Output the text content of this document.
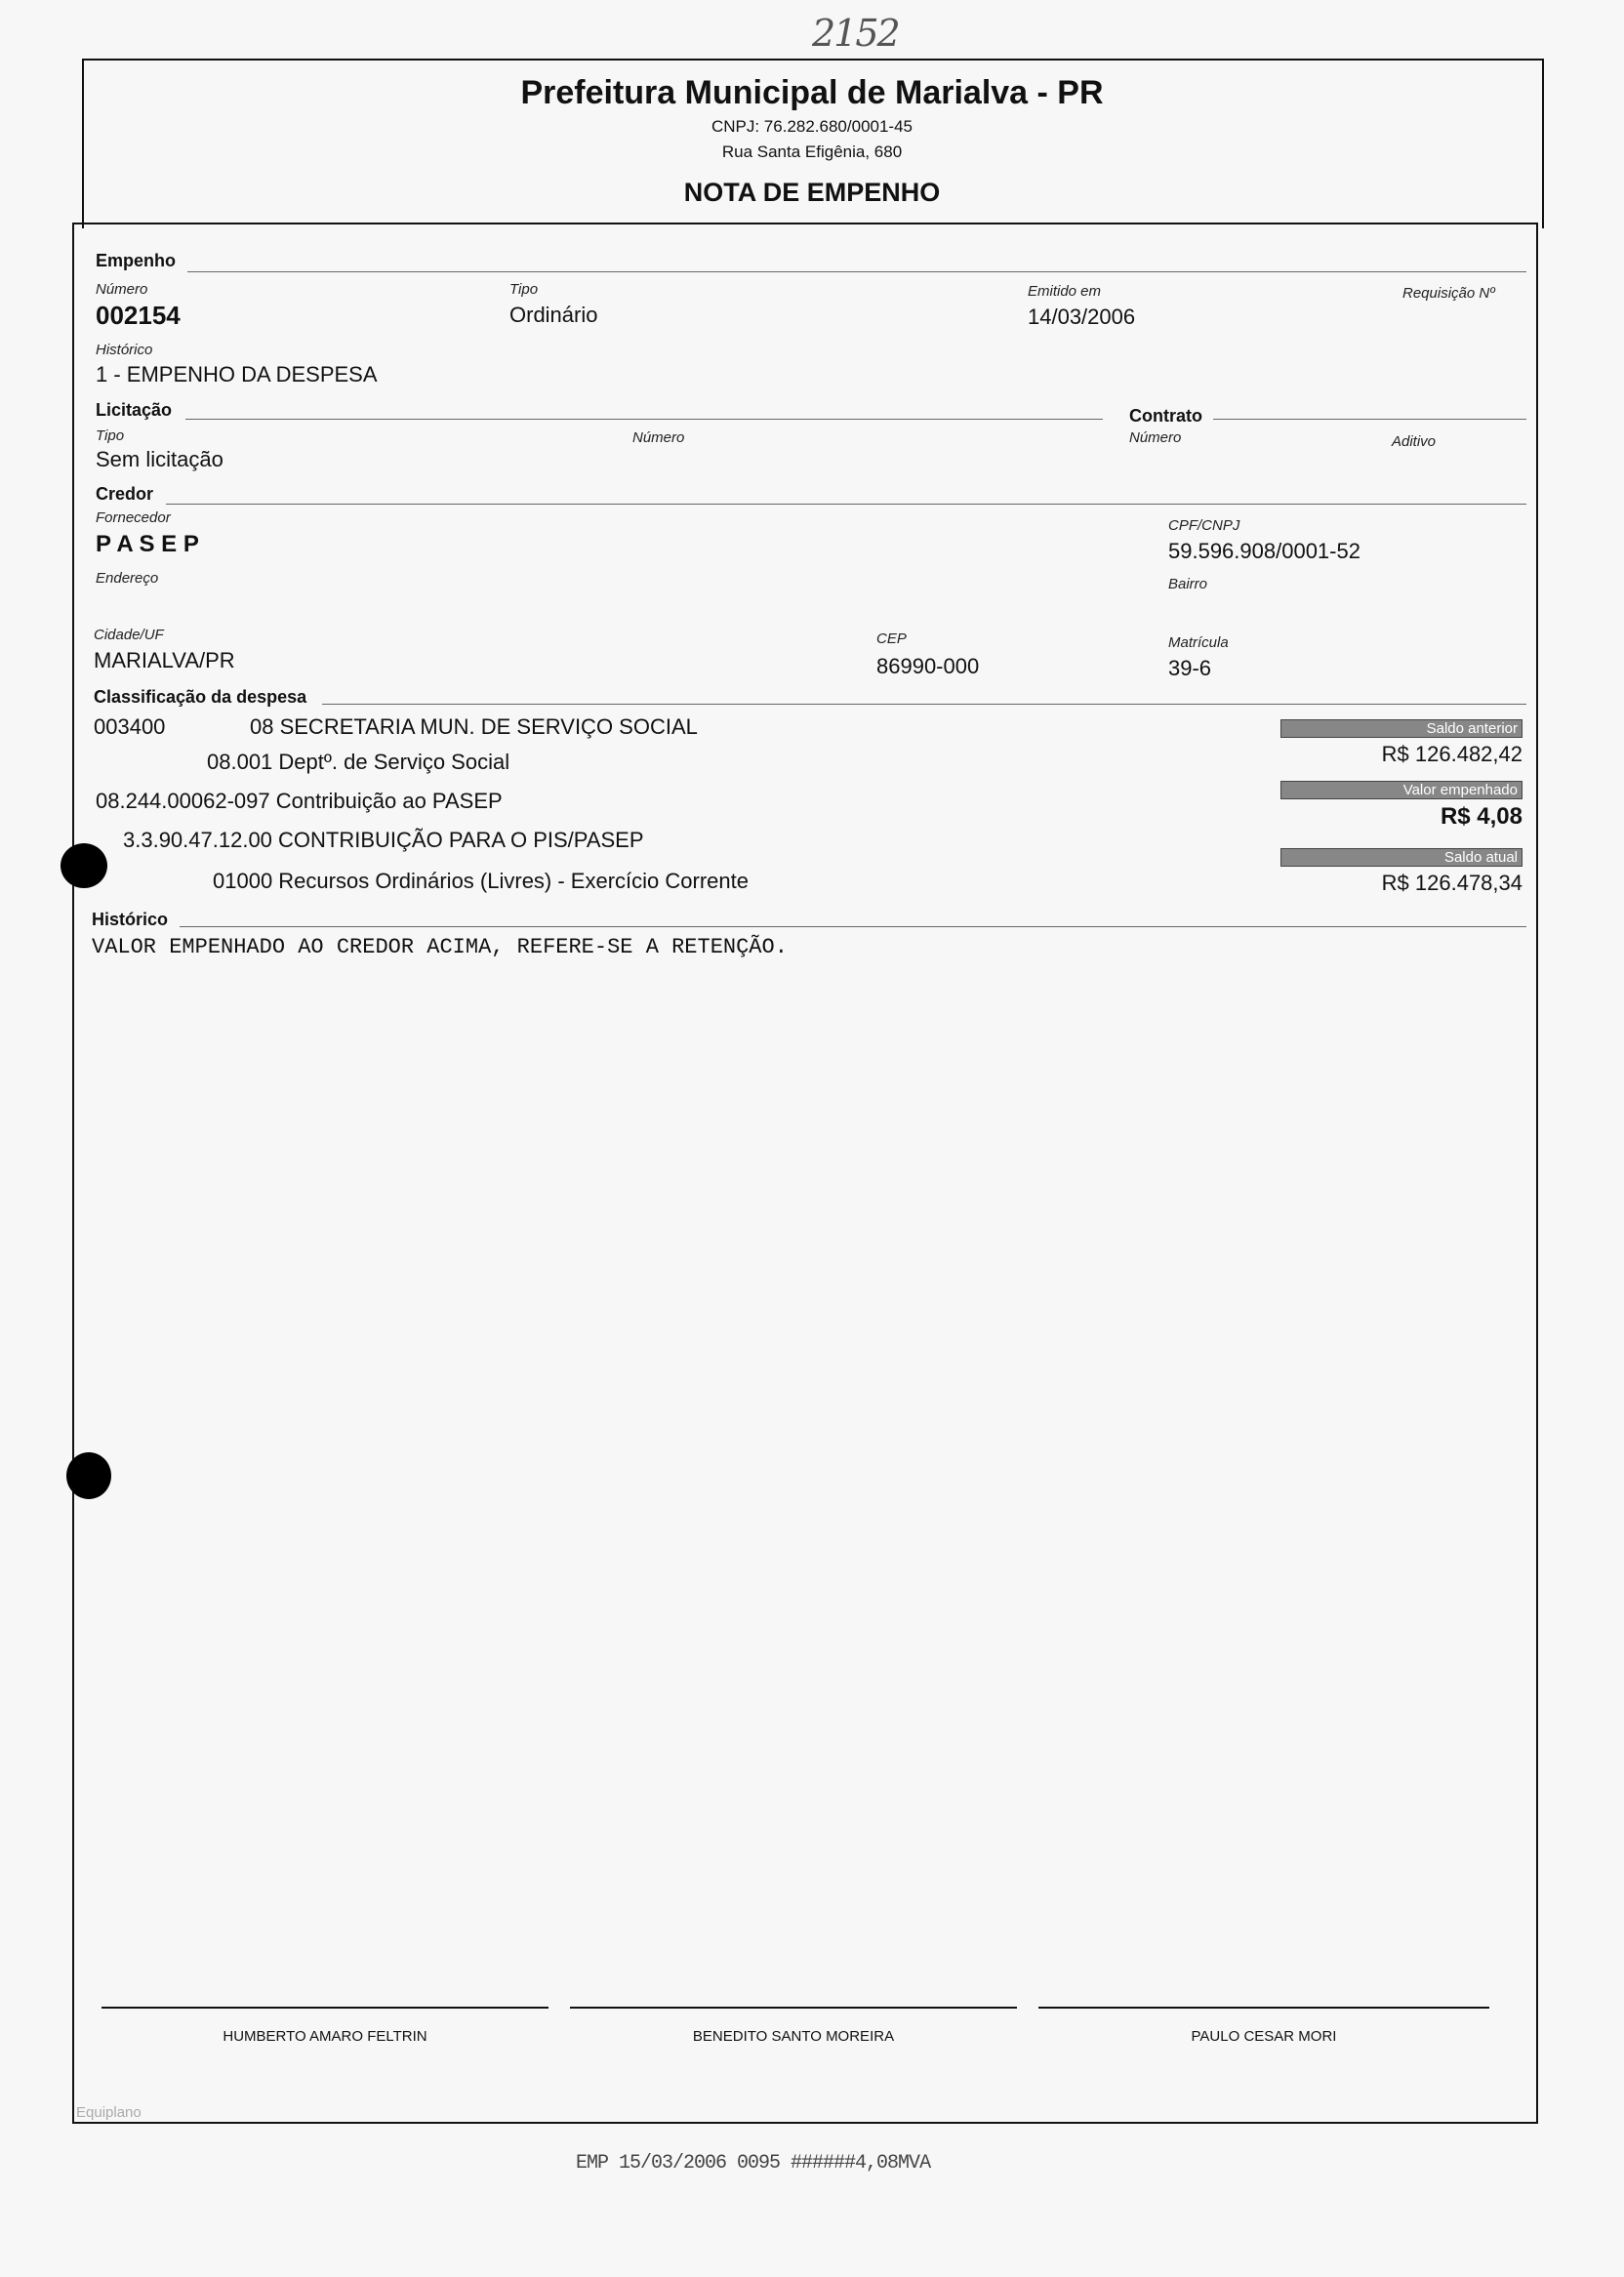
2152
Prefeitura Municipal de Marialva - PR
CNPJ: 76.282.680/0001-45
Rua Santa Efigênia, 680
NOTA DE EMPENHO
Empenho
Número
002154
Tipo
Ordinário
Emitido em
14/03/2006
Requisição Nº
Histórico
1 - EMPENHO DA DESPESA
Licitação
Tipo
Sem licitação
Número
Contrato
Número	Aditivo
Credor
Fornecedor
P A S E P
CPF/CNPJ
59.596.908/0001-52
Endereço	Bairro
Cidade/UF
MARIALVA/PR
CEP
86990-000
Matrícula
39-6
Classificação da despesa
003400	08 SECRETARIA MUN. DE SERVIÇO SOCIAL
08.001 Deptº. de Serviço Social
08.244.00062-097 Contribuição ao PASEP
3.3.90.47.12.00 CONTRIBUIÇÃO PARA O PIS/PASEP
01000 Recursos Ordinários (Livres) - Exercício Corrente
Saldo anterior
R$ 126.482,42
Valor empenhado
R$ 4,08
Saldo atual
R$ 126.478,34
Histórico
VALOR EMPENHADO AO CREDOR ACIMA, REFERE-SE A RETENÇÃO.
HUMBERTO AMARO FELTRIN	BENEDITO SANTO MOREIRA	PAULO CESAR MORI
Equiplano
EMP 15/03/2006 0095 ######4,08MVA
